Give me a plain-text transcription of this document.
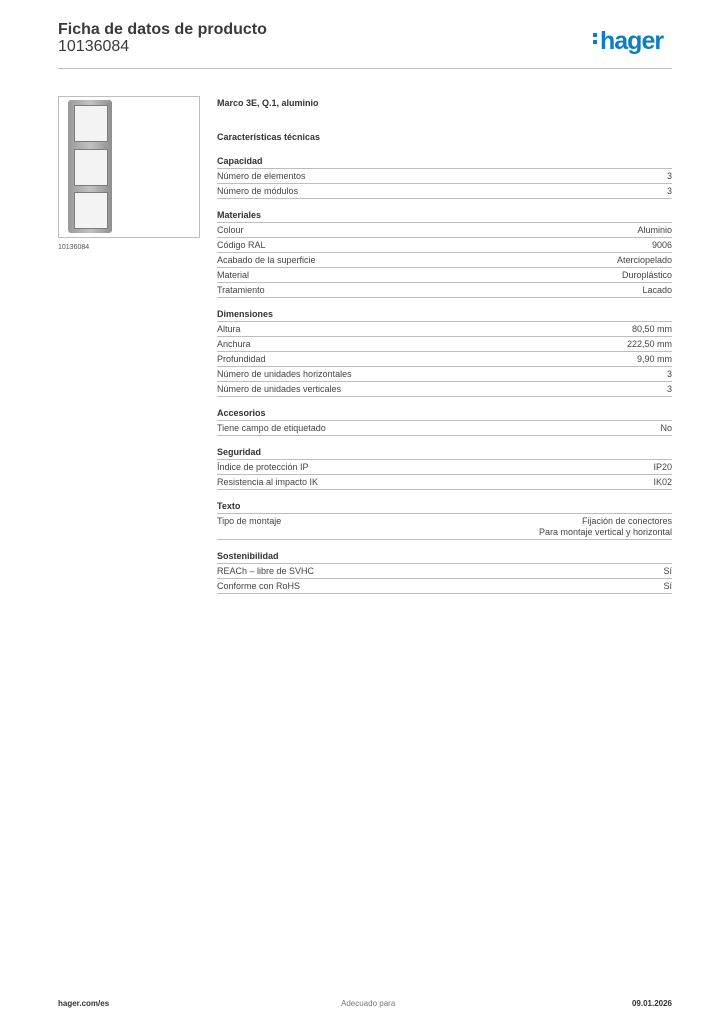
Ficha de datos de producto
10136084	hager
10136084
Marco 3E, Q.1, aluminio
Características técnicas
Capacidad
Número de elementos	3
Número de módulos	3
Materiales
Colour	Aluminio
Código RAL	9006
Acabado de la superficie	Aterciopelado
Material	Duroplástico
Tratamiento	Lacado
Dimensiones
Altura	80,50 mm
Anchura	222,50 mm
Profundidad	9,90 mm
Número de unidades horizontales	3
Número de unidades verticales	3
Accesorios
Tiene campo de etiquetado	No
Seguridad
Índice de protección IP	IP20
Resistencia al impacto IK	IK02
Texto
Tipo de montaje	Fijación de conectores
Para montaje vertical y horizontal
Sostenibilidad
REACh – libre de SVHC	Sí
Conforme con RoHS	Sí
hager.com/es	Adecuado para	09.01.2026
